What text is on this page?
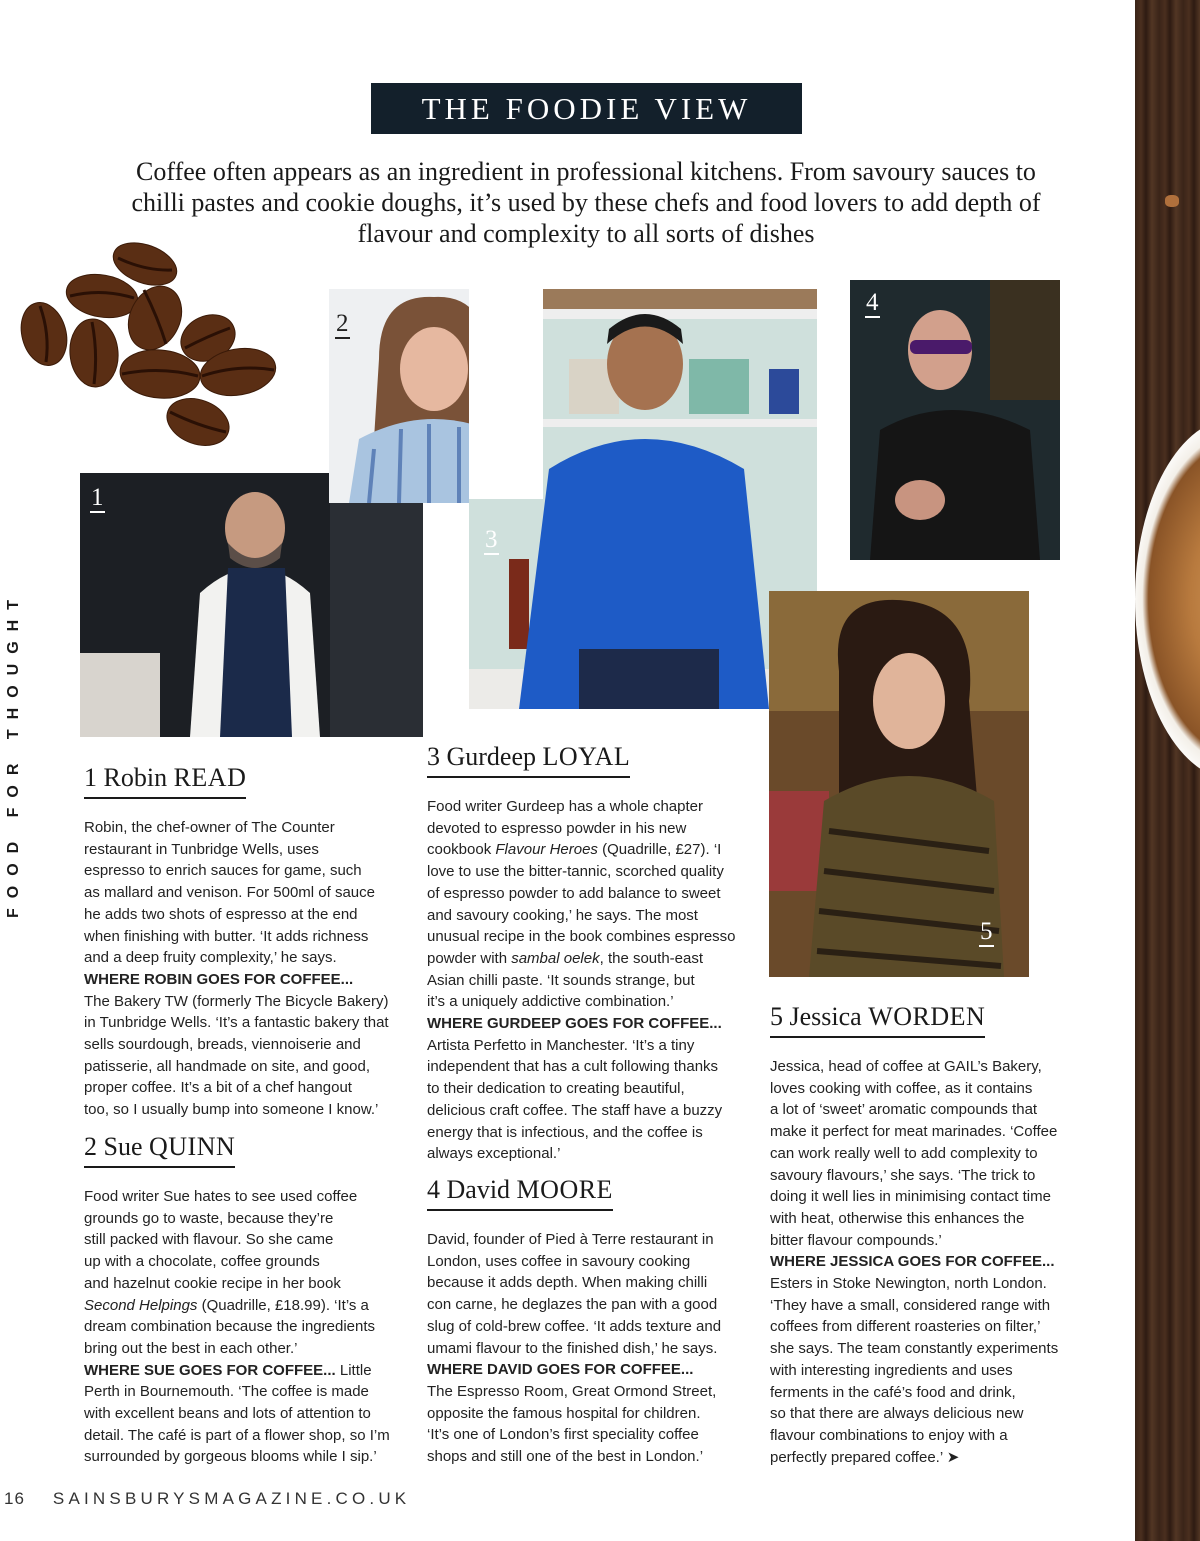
THE FOODIE VIEW

Coffee often appears as an ingredient in professional kitchens. From savoury sauces to chilli pastes and cookie doughs, it’s used by these chefs and food lovers to add depth of flavour and complexity to all sorts of dishes

1
2
3
4
5
FOOD FOR THOUGHT 1 Robin READ

Robin, the chef-owner of The Counter

restaurant in Tunbridge Wells, uses

espresso to enrich sauces for game, such

as mallard and venison. For 500ml of sauce

he adds two shots of espresso at the end

when finishing with butter. ‘It adds richness

and a deep fruity complexity,’ he says.

WHERE ROBIN GOES FOR COFFEE...

The Bakery TW (formerly The Bicycle Bakery)

in Tunbridge Wells. ‘It’s a fantastic bakery that

sells sourdough, breads, viennoiserie and

patisserie, all handmade on site, and good,

proper coffee. It’s a bit of a chef hangout

too, so I usually bump into someone I know.’

2 Sue QUINN

Food writer Sue hates to see used coffee

grounds go to waste, because they’re

still packed with flavour. So she came

up with a chocolate, coffee grounds

and hazelnut cookie recipe in her book

Second Helpings (Quadrille, £18.99). ‘It’s a

dream combination because the ingredients

bring out the best in each other.’

WHERE SUE GOES FOR COFFEE... Little

Perth in Bournemouth. ‘The coffee is made

with excellent beans and lots of attention to

detail. The café is part of a flower shop, so I’m

surrounded by gorgeous blooms while I sip.’

3 Gurdeep LOYAL

Food writer Gurdeep has a whole chapter

devoted to espresso powder in his new

cookbook Flavour Heroes (Quadrille, £27). ‘I

love to use the bitter-tannic, scorched quality

of espresso powder to add balance to sweet

and savoury cooking,’ he says. The most

unusual recipe in the book combines espresso

powder with sambal oelek, the south-east

Asian chilli paste. ‘It sounds strange, but

it’s a uniquely addictive combination.’

WHERE GURDEEP GOES FOR COFFEE...

Artista Perfetto in Manchester. ‘It’s a tiny

independent that has a cult following thanks

to their dedication to creating beautiful,

delicious craft coffee. The staff have a buzzy

energy that is infectious, and the coffee is

always exceptional.’

4 David MOORE

David, founder of Pied à Terre restaurant in

London, uses coffee in savoury cooking

because it adds depth. When making chilli

con carne, he deglazes the pan with a good

slug of cold-brew coffee. ‘It adds texture and

umami flavour to the finished dish,’ he says.

WHERE DAVID GOES FOR COFFEE...

The Espresso Room, Great Ormond Street,

opposite the famous hospital for children.

‘It’s one of London’s first speciality coffee

shops and still one of the best in London.’

5 Jessica WORDEN

Jessica, head of coffee at GAIL’s Bakery,

loves cooking with coffee, as it contains

a lot of ‘sweet’ aromatic compounds that

make it perfect for meat marinades. ‘Coffee

can work really well to add complexity to

savoury flavours,’ she says. ‘The trick to

doing it well lies in minimising contact time

with heat, otherwise this enhances the

bitter flavour compounds.’

WHERE JESSICA GOES FOR COFFEE...

Esters in Stoke Newington, north London.

‘They have a small, considered range with

coffees from different roasteries on filter,’

she says. The team constantly experiments

with interesting ingredients and uses

ferments in the café’s food and drink,

so that there are always delicious new

flavour combinations to enjoy with a

perfectly prepared coffee.’ ➤

16 SAINSBURYSMAGAZINE.CO.UK
